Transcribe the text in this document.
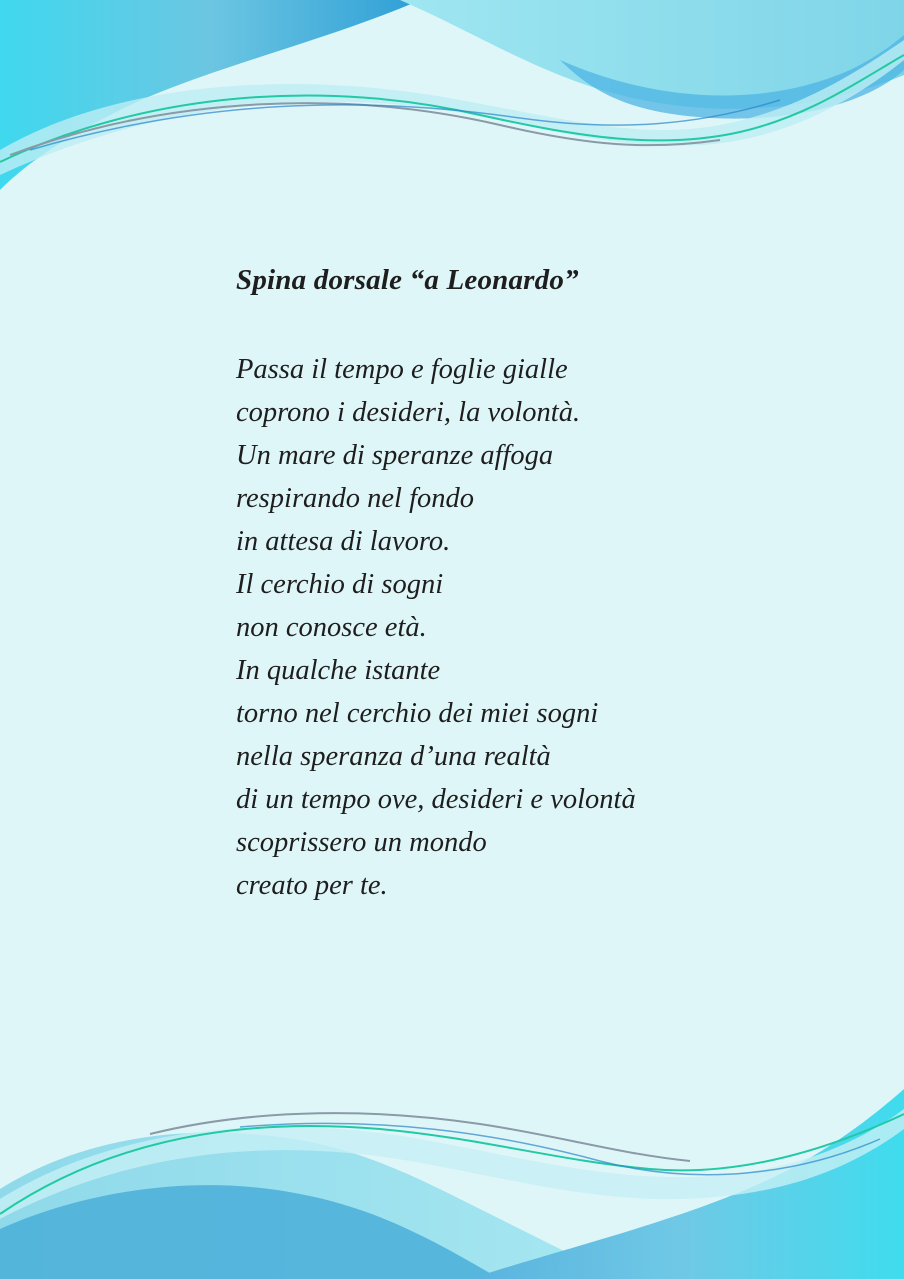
Spina dorsale “a Leonardo”
Passa il tempo e foglie gialle
coprono i desideri, la volontà.
Un mare di speranze affoga
respirando nel fondo
in attesa di lavoro.
Il cerchio di sogni
non conosce età.
In qualche istante
torno nel cerchio dei miei sogni
nella speranza d’una realtà
di un tempo ove, desideri e volontà
scoprissero un mondo
creato per te.
